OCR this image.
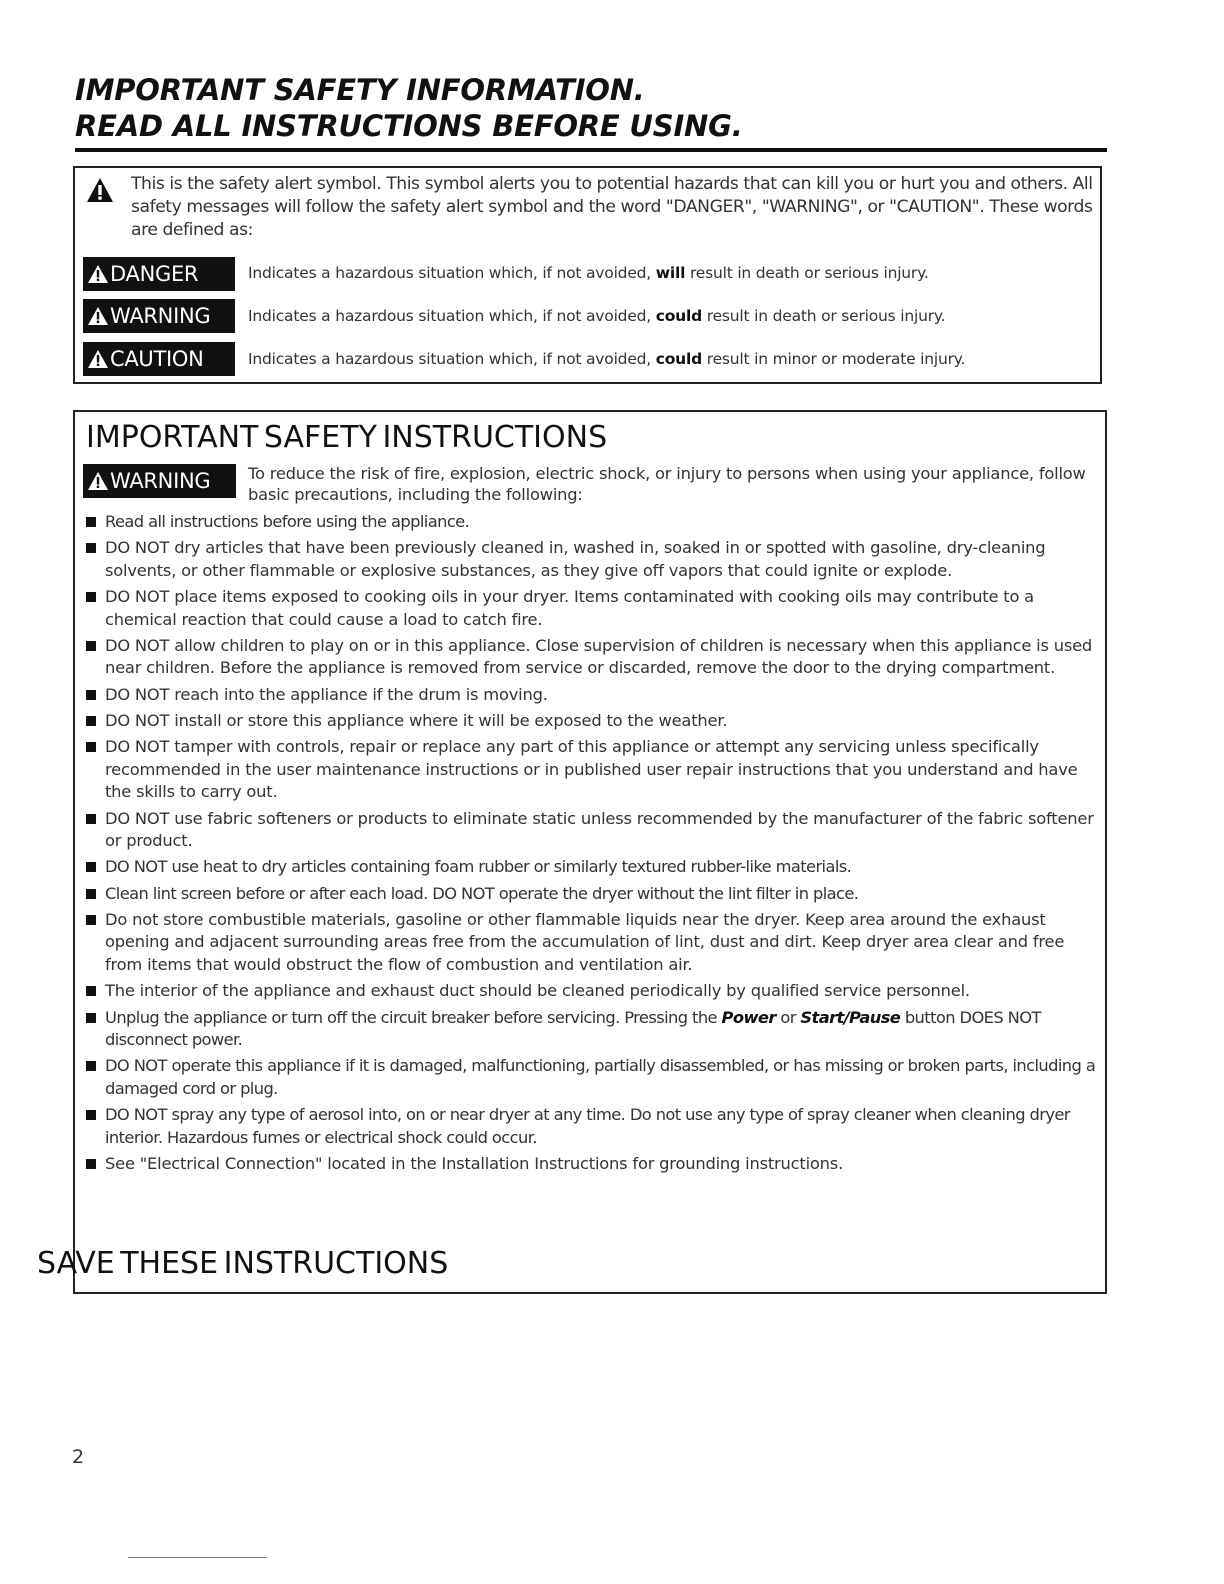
IMPORTANT SAFETY INFORMATION.
READ ALL INSTRUCTIONS BEFORE USING.
This is the safety alert symbol. This symbol alerts you to potential hazards that can kill you or hurt you and others. All safety messages will follow the safety alert symbol and the word "DANGER", "WARNING", or "CAUTION". These words are defined as:
DANGER	Indicates a hazardous situation which, if not avoided, will result in death or serious injury.
WARNING Indicates a hazardous situation which, if not avoided, could result in death or serious injury.
CAUTION	Indicates a hazardous situation which, if not avoided, could result in minor or moderate injury.
IMPORTANT SAFETY INSTRUCTIONS
WARNING To reduce the risk of fire, explosion, electric shock, or injury to persons when using your appliance, follow basic precautions, including the following:
Read all instructions before using the appliance.
DO NOT dry articles that have been previously cleaned in, washed in, soaked in or spotted with gasoline, dry-cleaning solvents, or other flammable or explosive substances, as they give off vapors that could ignite or explode.
DO NOT place items exposed to cooking oils in your dryer. Items contaminated with cooking oils may contribute to a chemical reaction that could cause a load to catch fire.
DO NOT allow children to play on or in this appliance. Close supervision of children is necessary when this appliance is used near children. Before the appliance is removed from service or discarded, remove the door to the drying compartment.
DO NOT reach into the appliance if the drum is moving.
DO NOT install or store this appliance where it will be exposed to the weather.
DO NOT tamper with controls, repair or replace any part of this appliance or attempt any servicing unless specifically recommended in the user maintenance instructions or in published user repair instructions that you understand and have the skills to carry out.
DO NOT use fabric softeners or products to eliminate static unless recommended by the manufacturer of the fabric softener or product.
DO NOT use heat to dry articles containing foam rubber or similarly textured rubber-like materials.
Clean lint screen before or after each load. DO NOT operate the dryer without the lint filter in place.
Do not store combustible materials, gasoline or other flammable liquids near the dryer. Keep area around the exhaust opening and adjacent surrounding areas free from the accumulation of lint, dust and dirt. Keep dryer area clear and free from items that would obstruct the flow of combustion and ventilation air.
The interior of the appliance and exhaust duct should be cleaned periodically by qualified service personnel.
Unplug the appliance or turn off the circuit breaker before servicing. Pressing the Power or Start/Pause button DOES NOT disconnect power.
DO NOT operate this appliance if it is damaged, malfunctioning, partially disassembled, or has missing or broken parts, including a damaged cord or plug.
DO NOT spray any type of aerosol into, on or near dryer at any time. Do not use any type of spray cleaner when cleaning dryer interior. Hazardous fumes or electrical shock could occur.
See "Electrical Connection" located in the Installation Instructions for grounding instructions.
SAVE THESE INSTRUCTIONS
2
